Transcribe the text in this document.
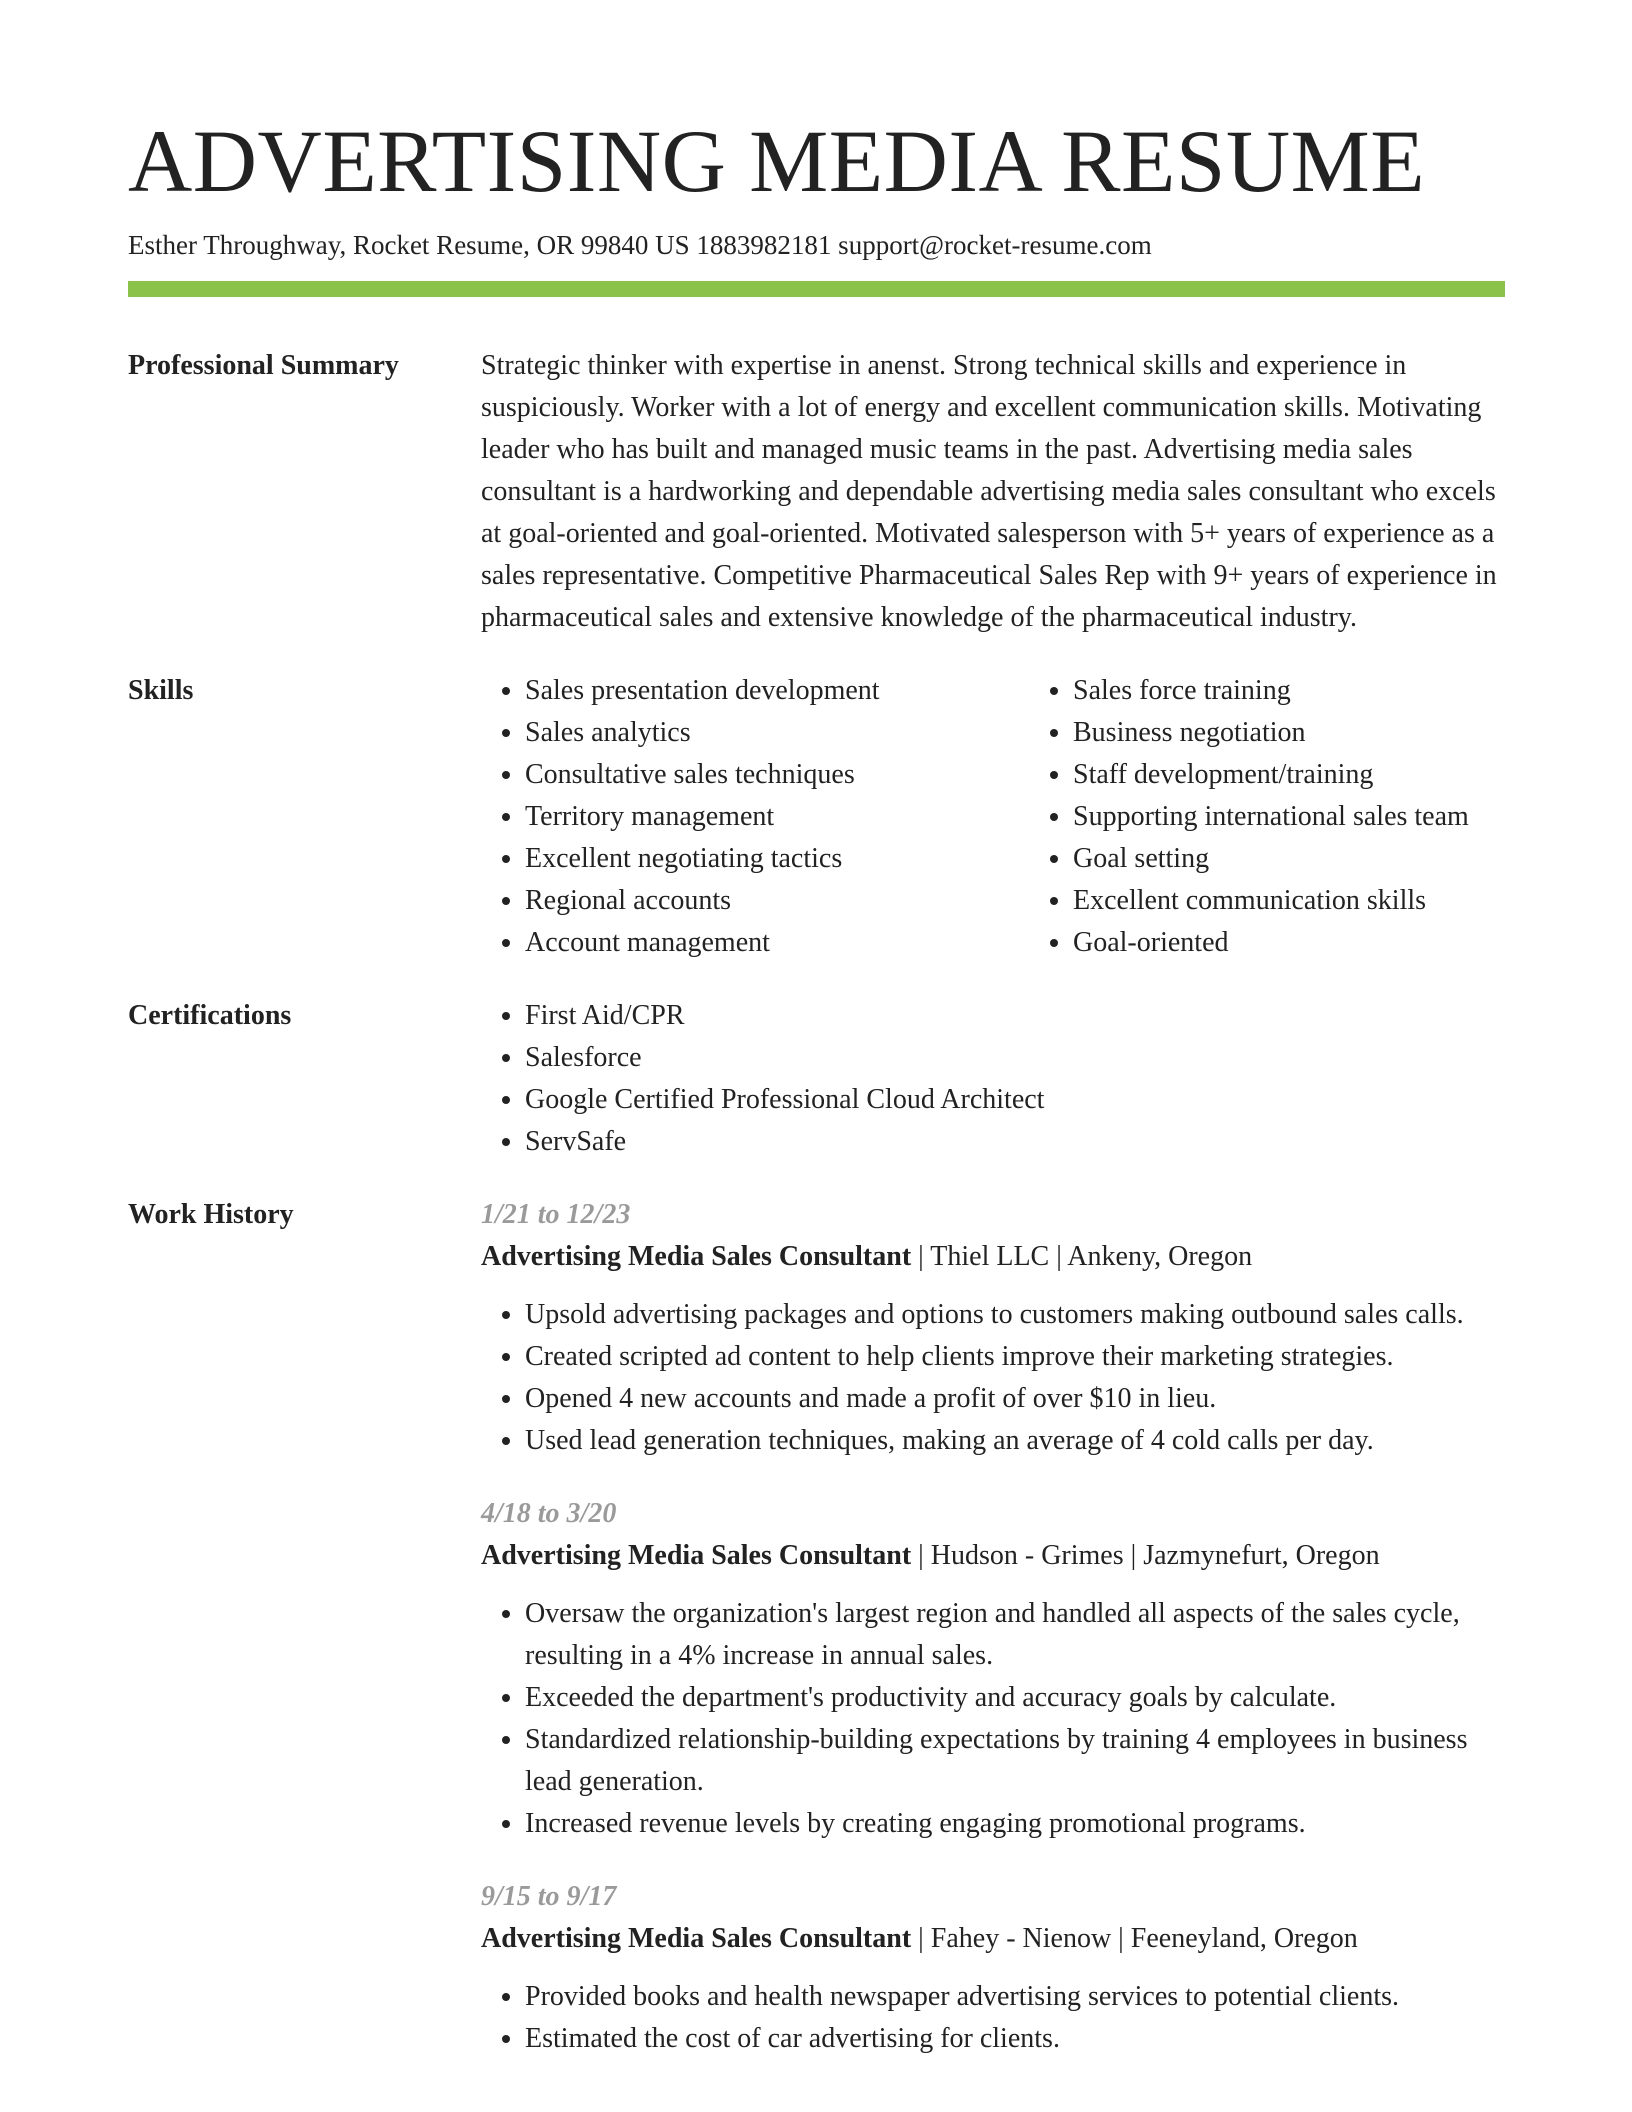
ADVERTISING MEDIA RESUME
Esther Throughway, Rocket Resume, OR 99840 US 1883982181 support@rocket-resume.com
Professional Summary	Strategic thinker with expertise in anenst. Strong technical skills and experience in suspiciously. Worker with a lot of energy and excellent communication skills. Motivating leader who has built and managed music teams in the past. Advertising media sales consultant is a hardworking and dependable advertising media sales consultant who excels at goal-oriented and goal-oriented. Motivated salesperson with 5+ years of experience as a sales representative. Competitive Pharmaceutical Sales Rep with 9+ years of experience in pharmaceutical sales and extensive knowledge of the pharmaceutical industry.

Skills	• Sales presentation development
• Sales analytics
• Consultative sales techniques
• Territory management
• Excellent negotiating tactics
• Regional accounts
• Account management
• Sales force training
• Business negotiation
• Staff development/training
• Supporting international sales team
• Goal setting
• Excellent communication skills
• Goal-oriented
Certifications	• First Aid/CPR
• Salesforce
• Google Certified Professional Cloud Architect
• ServSafe
Work History	1/21 to 12/23
Advertising Media Sales Consultant | Thiel LLC | Ankeny, Oregon
• Upsold advertising packages and options to customers making outbound sales calls.
• Created scripted ad content to help clients improve their marketing strategies.
• Opened 4 new accounts and made a profit of over $10 in lieu.
• Used lead generation techniques, making an average of 4 cold calls per day.
4/18 to 3/20
Advertising Media Sales Consultant | Hudson - Grimes | Jazmynefurt, Oregon
• Oversaw the organization's largest region and handled all aspects of the sales cycle, resulting in a 4% increase in annual sales.
• Exceeded the department's productivity and accuracy goals by calculate.
• Standardized relationship-building expectations by training 4 employees in business lead generation.
• Increased revenue levels by creating engaging promotional programs.
9/15 to 9/17
Advertising Media Sales Consultant | Fahey - Nienow | Feeneyland, Oregon
• Provided books and health newspaper advertising services to potential clients.
• Estimated the cost of car advertising for clients.
